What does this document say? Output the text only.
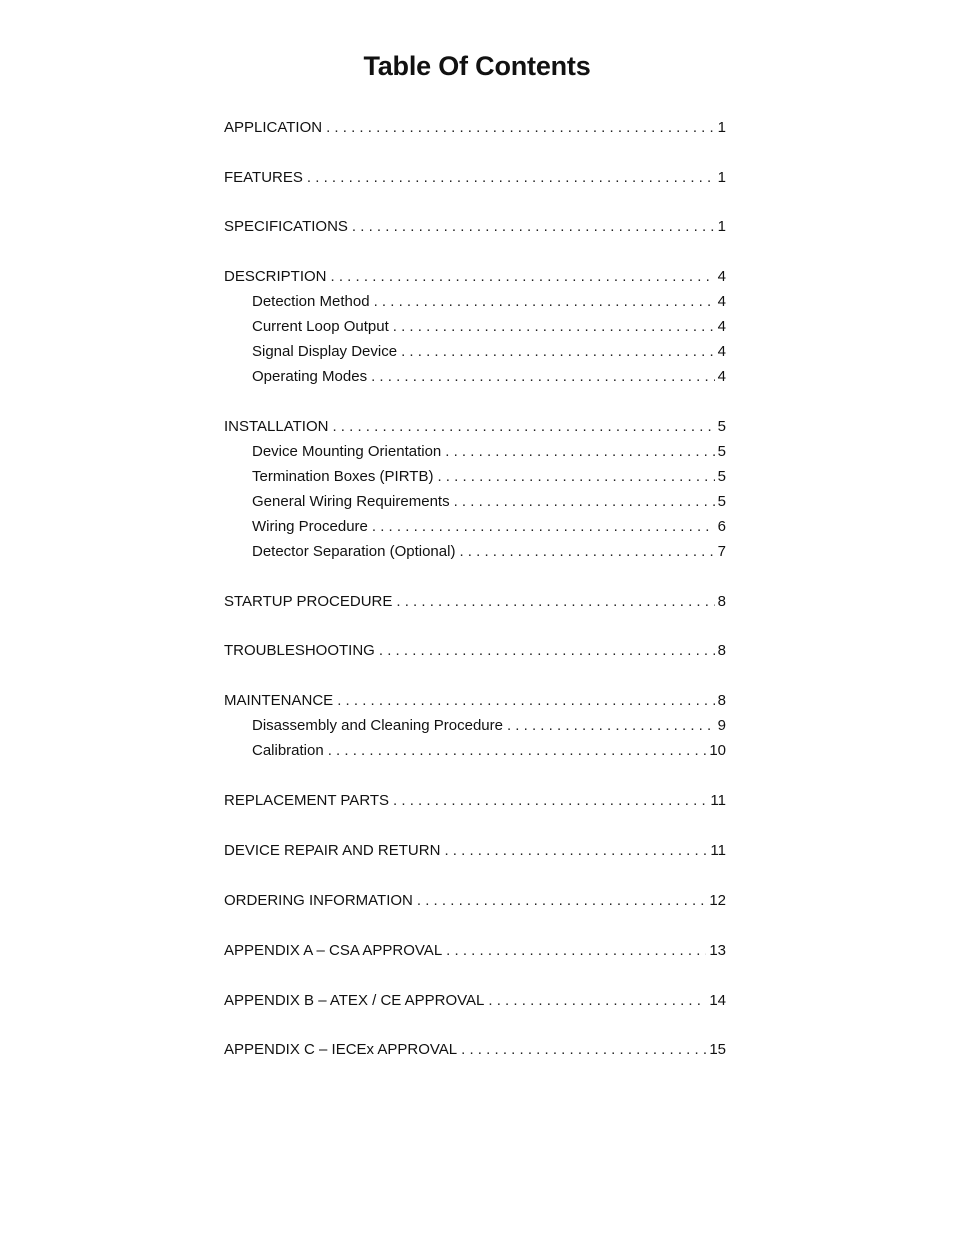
Table Of Contents
APPLICATION . . .	1
FEATURES . . .	1
SPECIFICATIONS . . .	1
DESCRIPTION . . .	4
Detection Method . . .	4
Current Loop Output . . .	4
Signal Display Device . . .	4
Operating Modes . . .	4
INSTALLATION . . .	5
Device Mounting Orientation . . .	5
Termination Boxes (PIRTB) . . .	5
General Wiring Requirements . . .	5
Wiring Procedure . . .	6
Detector Separation (Optional) . . .	7
STARTUP PROCEDURE . . .	8
TROUBLESHOOTING . . .	8
MAINTENANCE . . .	8
Disassembly and Cleaning Procedure . . .	9
Calibration . . .	10
REPLACEMENT PARTS . . .	11
DEVICE REPAIR AND RETURN . . .	11
ORDERING INFORMATION . . .	12
APPENDIX A – CSA APPROVAL . . .	13
APPENDIX B – ATEX / CE APPROVAL . . .	14
APPENDIX C – IECEx APPROVAL . . .	15
